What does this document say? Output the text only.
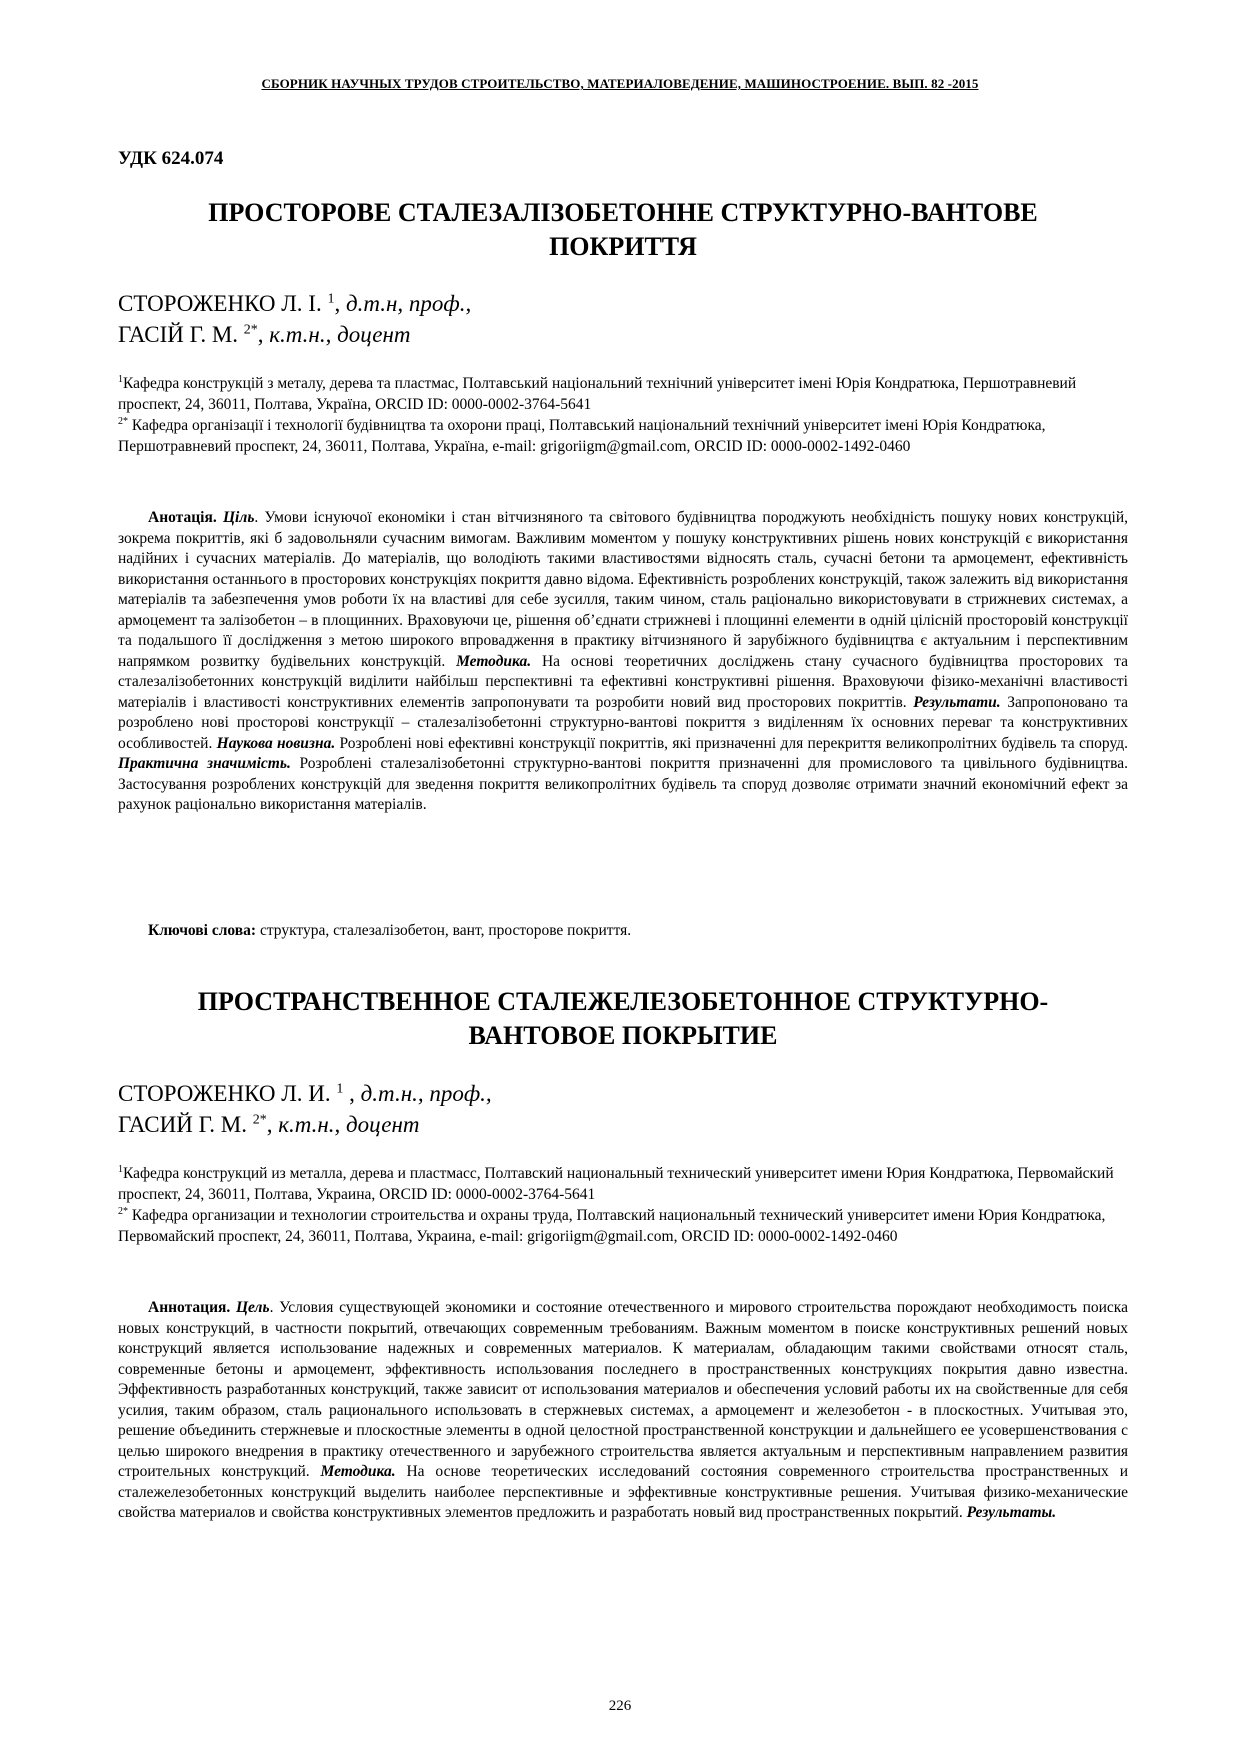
СБОРНИК НАУЧНЫХ ТРУДОВ СТРОИТЕЛЬСТВО, МАТЕРИАЛОВЕДЕНИЕ, МАШИНОСТРОЕНИЕ. ВЫП. 82 -2015
УДК 624.074
ПРОСТОРОВЕ СТАЛЕЗАЛІЗОБЕТОННЕ СТРУКТУРНО-ВАНТОВЕ
ПОКРИТТЯ
СТОРОЖЕНКО Л. І. $^1$, д.т.н, проф.,
ГАСІЙ Г. М. $^{2*}$, к.т.н., доцент

$^1$Кафедра конструкцій з металу, дерева та пластмас, Полтавський національний технічний університет імені Юрія Кондратюка, Першотравневий проспект, 24, 36011, Полтава, Україна, ORCID ID: 0000-0002-3764-5641

$^{2*}$ Кафедра організації і технології будівництва та охорони праці, Полтавський національний технічний університет імені Юрія Кондратюка, Першотравневий проспект, 24, 36011, Полтава, Україна, e-mail: grigoriigm@gmail.com, ORCID ID: 0000-0002-1492-0460

Анотація. Ціль. Умови існуючої економіки і стан вітчизняного та світового будівництва породжують необхідність пошуку нових конструкцій, зокрема покриттів, які б задовольняли сучасним вимогам. Важливим моментом у пошуку конструктивних рішень нових конструкцій є використання надійних і сучасних матеріалів. До матеріалів, що володіють такими властивостями відносять сталь, сучасні бетони та армоцемент, ефективність використання останнього в просторових конструкціях покриття давно відома. Ефективність розроблених конструкцій, також залежить від використання матеріалів та забезпечення умов роботи їх на властиві для себе зусилля, таким чином, сталь раціонально використовувати в стрижневих системах, а армоцемент та залізобетон – в площинних. Враховуючи це, рішення об’єднати стрижневі і площинні елементи в одній цілісній просторовій конструкції та подальшого її дослідження з метою широкого впровадження в практику вітчизняного й зарубіжного будівництва є актуальним і перспективним напрямком розвитку будівельних конструкцій. Методика. На основі теоретичних досліджень стану сучасного будівництва просторових та сталезалізобетонних конструкцій виділити найбільш перспективні та ефективні конструктивні рішення. Враховуючи фізико-механічні властивості матеріалів і властивості конструктивних елементів запропонувати та розробити новий вид просторових покриттів. Результати. Запропоновано та розроблено нові просторові конструкції – сталезалізобетонні структурно-вантові покриття з виділенням їх основних переваг та конструктивних особливостей. Наукова новизна. Розроблені нові ефективні конструкції покриттів, які призначенні для перекриття великопролітних будівель та споруд. Практична значимість. Розроблені сталезалізобетонні структурно-вантові покриття призначенні для промислового та цивільного будівництва. Застосування розроблених конструкцій для зведення покриття великопролітних будівель та споруд дозволяє отримати значний економічний ефект за рахунок раціонально використання матеріалів.

Ключові слова: структура, сталезалізобетон, вант, просторове покриття.
ПРОСТРАНСТВЕННОЕ СТАЛЕЖЕЛЕЗОБЕТОННОЕ СТРУКТУРНО-
ВАНТОВОЕ ПОКРЫТИЕ
СТОРОЖЕНКО Л. И. $^1$ , д.т.н., проф.,
ГАСИЙ Г. М. $^{2*}$, к.т.н., доцент

$^1$Кафедра конструкций из металла, дерева и пластмасс, Полтавский национальный технический университет имени Юрия Кондратюка, Первомайский проспект, 24, 36011, Полтава, Украина, ORCID ID: 0000-0002-3764-5641

$^{2*}$ Кафедра организации и технологии строительства и охраны труда, Полтавский национальный технический университет имени Юрия Кондратюка, Первомайский проспект, 24, 36011, Полтава, Украина, e-mail: grigoriigm@gmail.com, ORCID ID: 0000-0002-1492-0460

Аннотация. Цель. Условия существующей экономики и состояние отечественного и мирового строительства порождают необходимость поиска новых конструкций, в частности покрытий, отвечающих современным требованиям. Важным моментом в поиске конструктивных решений новых конструкций является использование надежных и современных материалов. К материалам, обладающим такими свойствами относят сталь, современные бетоны и армоцемент, эффективность использования последнего в пространственных конструкциях покрытия давно известна. Эффективность разработанных конструкций, также зависит от использования материалов и обеспечения условий работы их на свойственные для себя усилия, таким образом, сталь рационального использовать в стержневых системах, а армоцемент и железобетон - в плоскостных. Учитывая это, решение объединить стержневые и плоскостные элементы в одной целостной пространственной конструкции и дальнейшего ее усовершенствования с целью широкого внедрения в практику отечественного и зарубежного строительства является актуальным и перспективным направлением развития строительных конструкций. Методика. На основе теоретических исследований состояния современного строительства пространственных и сталежелезобетонных конструкций выделить наиболее перспективные и эффективные конструктивные решения. Учитывая физико-механические свойства материалов и свойства конструктивных элементов предложить и разработать новый вид пространственных покрытий. Результаты.

226
